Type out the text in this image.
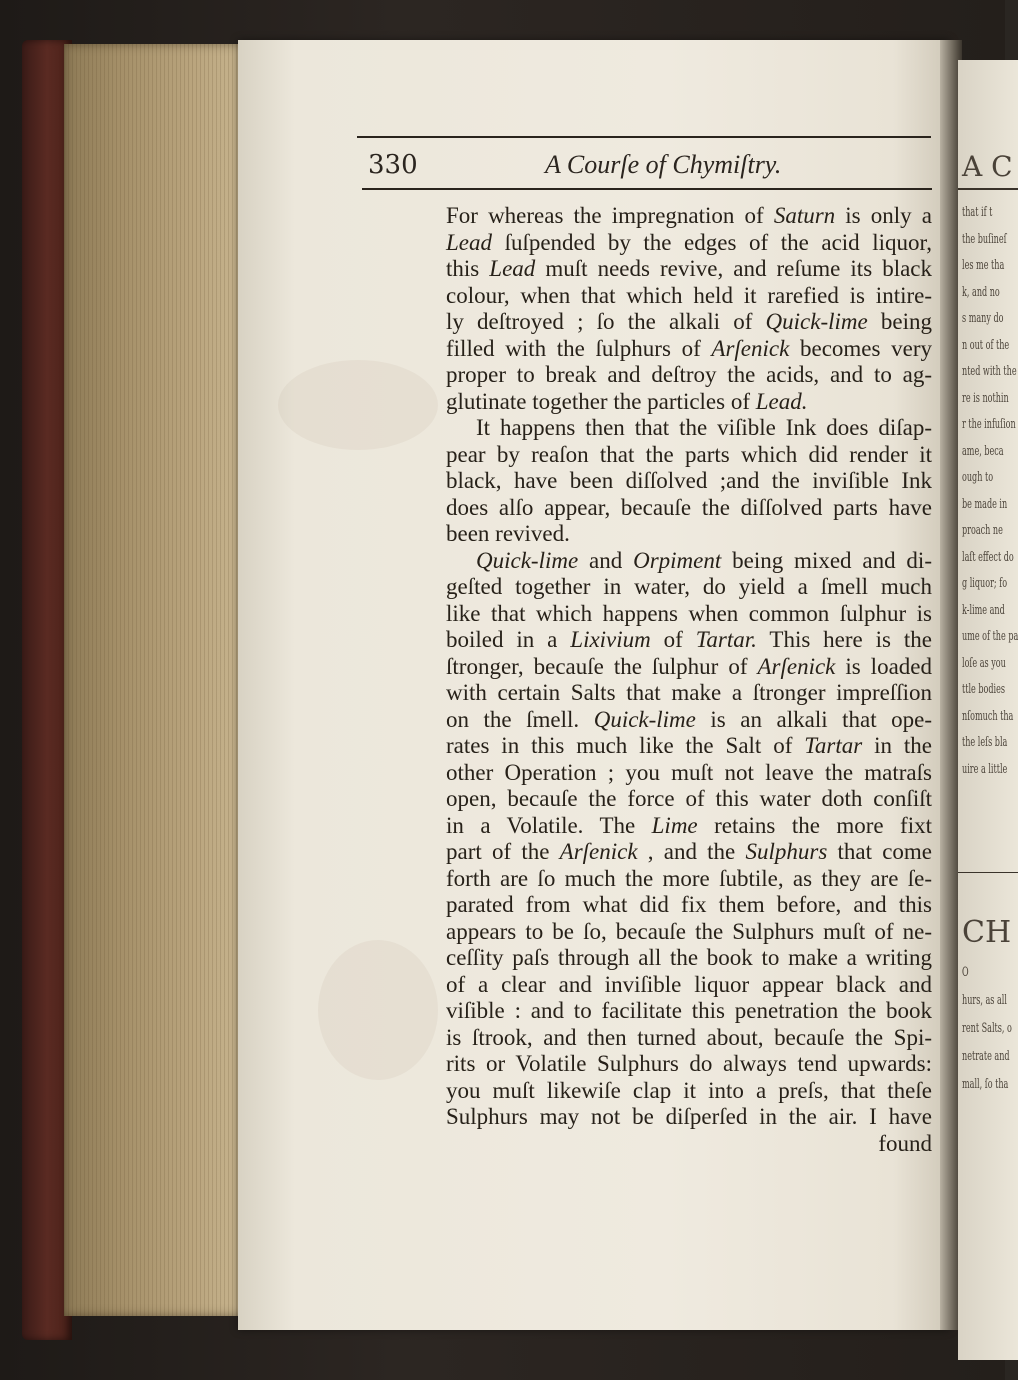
A C
that if t
the buſineſ
les me tha
k, and no
s many do
n out of the
nted with the
re is nothin
r the infuſion
ame, beca
ough to
be made in
proach ne
laſt effect do
g liquor; fo
k-lime and
ume of the pa
loſe as you
ttle bodies
nſomuch tha
the leſs bla
uire a little
CH
O
hurs, as all
rent Salts, o
netrate and
mall, ſo tha
330	A Courſe of Chymiſtry.
For whereas the impregnation of Saturn is only a
Lead ſuſpended by the edges of the acid liquor,
this Lead muſt needs revive, and reſume its black
colour, when that which held it rarefied is intire-
ly deſtroyed ; ſo the alkali of Quick-lime being
filled with the ſulphurs of Arſenick becomes very
proper to break and deſtroy the acids, and to ag-
glutinate together the particles of Lead.
It happens then that the viſible Ink does diſap-
pear by reaſon that the parts which did render it
black, have been diſſolved ;and the inviſible Ink
does alſo appear, becauſe the diſſolved parts have
been revived.
Quick-lime and Orpiment being mixed and di-
geſted together in water, do yield a ſmell much
like that which happens when common ſulphur is
boiled in a Lixivium of Tartar. This here is the
ſtronger, becauſe the ſulphur of Arſenick is loaded
with certain Salts that make a ſtronger impreſſion
on the ſmell. Quick-lime is an alkali that ope-
rates in this much like the Salt of Tartar in the
other Operation ; you muſt not leave the matraſs
open, becauſe the force of this water doth conſiſt
in a Volatile. The Lime retains the more fixt
part of the Arſenick , and the Sulphurs that come
forth are ſo much the more ſubtile, as they are ſe-
parated from what did fix them before, and this
appears to be ſo, becauſe the Sulphurs muſt of ne-
ceſſity paſs through all the book to make a writing
of a clear and inviſible liquor appear black and
viſible : and to facilitate this penetration the book
is ſtrook, and then turned about, becauſe the Spi-
rits or Volatile Sulphurs do always tend upwards:
you muſt likewiſe clap it into a preſs, that theſe
Sulphurs may not be diſperſed in the air. I have
found
